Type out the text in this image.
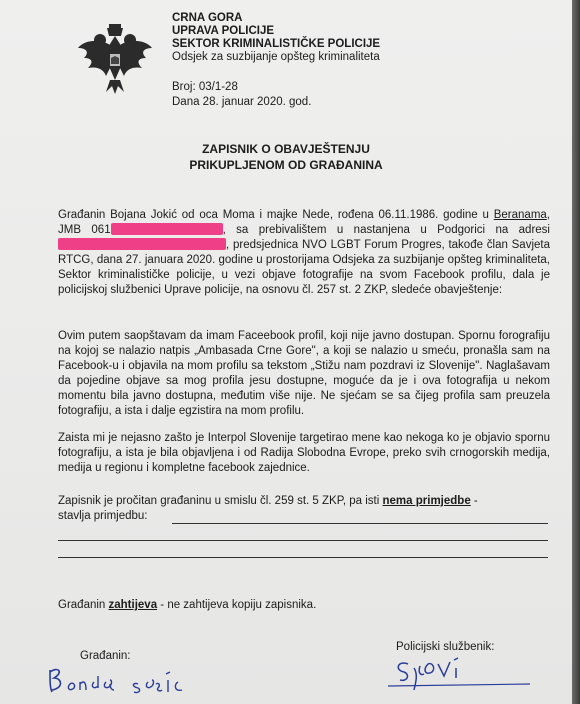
CRNA GORA
UPRAVA POLICIJE
SEKTOR KRIMINALISTIČKE POLICIJE
Odsjek za suzbijanje opšteg kriminaliteta
Broj: 03/1-28
Dana 28. januar 2020. god.
ZAPISNIK O OBAVJEŠTENJU
PRIKUPLJENOM OD GRAĐANINA
Građanin Bojana Jokić od oca Moma i majke Nede, rođena 06.11.1986. godine u Beranama, JMB 061	, sa prebivalištem u nastanjena u Podgorici na adresi , predsjednica NVO LGBT Forum Progres, takođe član Savjeta RTCG, dana 27. januara 2020. godine u prostorijama Odsjeka za suzbijanje opšteg kriminaliteta, Sektor kriminalističke policije, u vezi objave fotografije na svom Facebook profilu, dala je policijskoj službenici Uprave policije, na osnovu čl. 257 st. 2 ZKP, sledeće obavještenje:
Ovim putem saopštavam da imam Faceebook profil, koji nije javno dostupan. Spornu forografiju na kojoj se nalazio natpis „Ambasada Crne Gore", a koji se nalazio u smeću, pronašla sam na Facebook-u i objavila na mom profilu sa tekstom „Stižu nam pozdravi iz Slovenije". Naglašavam da pojedine objave sa mog profila jesu dostupne, moguće da je i ova fotografija u nekom momentu bila javno dostupna, međutim više nije. Ne sjećam se sa čijeg profila sam preuzela fotografiju, a ista i dalje egzistira na mom profilu.
Zaista mi je nejasno zašto je Interpol Slovenije targetirao mene kao nekoga ko je objavio spornu fotografiju, a ista je bila objavljena i od Radija Slobodna Evrope, preko svih crnogorskih medija, medija u regionu i kompletne facebook zajednice.
Zapisnik je pročitan građaninu u smislu čl. 259 st. 5 ZKP, pa isti nema primjedbe -
stavlja primjedbu:
Građanin zahtijeva - ne zahtijeva kopiju zapisnika.
Građanin:
Policijski službenik:
